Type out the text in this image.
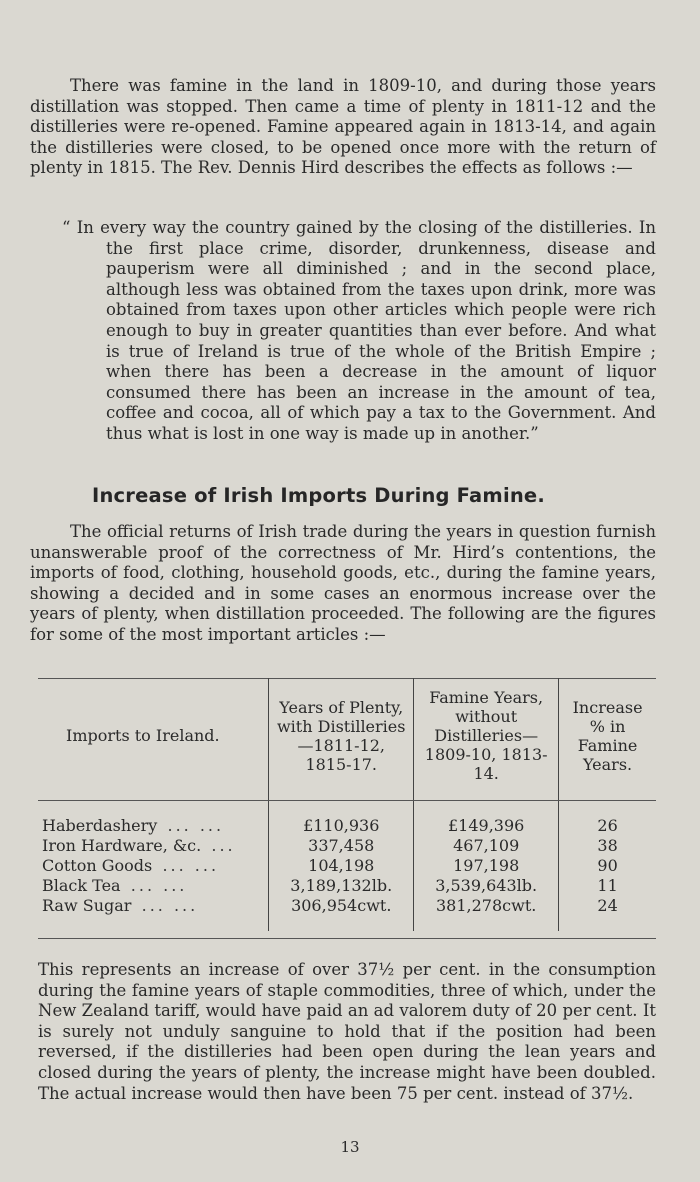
There was famine in the land in 1809-10, and during those years distillation was stopped. Then came a time of plenty in 1811-12 and the distilleries were re-opened. Famine appeared again in 1813-14, and again the distilleries were closed, to be opened once more with the return of plenty in 1815. The Rev. Dennis Hird describes the effects as follows :—

“ In every way the country gained by the closing of the distilleries. In the first place crime, disorder, drunkenness, disease and pauperism were all diminished ; and in the second place, although less was obtained from the taxes upon drink, more was obtained from taxes upon other articles which people were rich enough to buy in greater quantities than ever before. And what is true of Ireland is true of the whole of the British Empire ; when there has been a decrease in the amount of liquor consumed there has been an increase in the amount of tea, coffee and cocoa, all of which pay a tax to the Government. And thus what is lost in one way is made up in another.”

Increase of Irish Imports During Famine.

The official returns of Irish trade during the years in question furnish unanswerable proof of the correctness of Mr. Hird’s contentions, the imports of food, clothing, household goods, etc., during the famine years, showing a decided and in some cases an enormous increase over the years of plenty, when distillation proceeded. The following are the figures for some of the most important articles :—

Imports to Ireland.	Years of Plenty, with Distilleries —1811-12, 1815-17.	Famine Years, without Distilleries—1809-10, 1813-14.	Increase % in Famine Years.
Haberdashery ... ...	£110,936	£149,396	26
Iron Hardware, &c. ...	337,458	467,109	38
Cotton Goods ... ...	104,198	197,198	90
Black Tea ... ...	3,189,132lb.	3,539,643lb.	11
Raw Sugar ... ...	306,954cwt.	381,278cwt.	24

This represents an increase of over 37½ per cent. in the consumption during the famine years of staple commodities, three of which, under the New Zealand tariff, would have paid an ad valorem duty of 20 per cent. It is surely not unduly sanguine to hold that if the position had been reversed, if the distilleries had been open during the lean years and closed during the years of plenty, the increase might have been doubled. The actual increase would then have been 75 per cent. instead of 37½.

13
